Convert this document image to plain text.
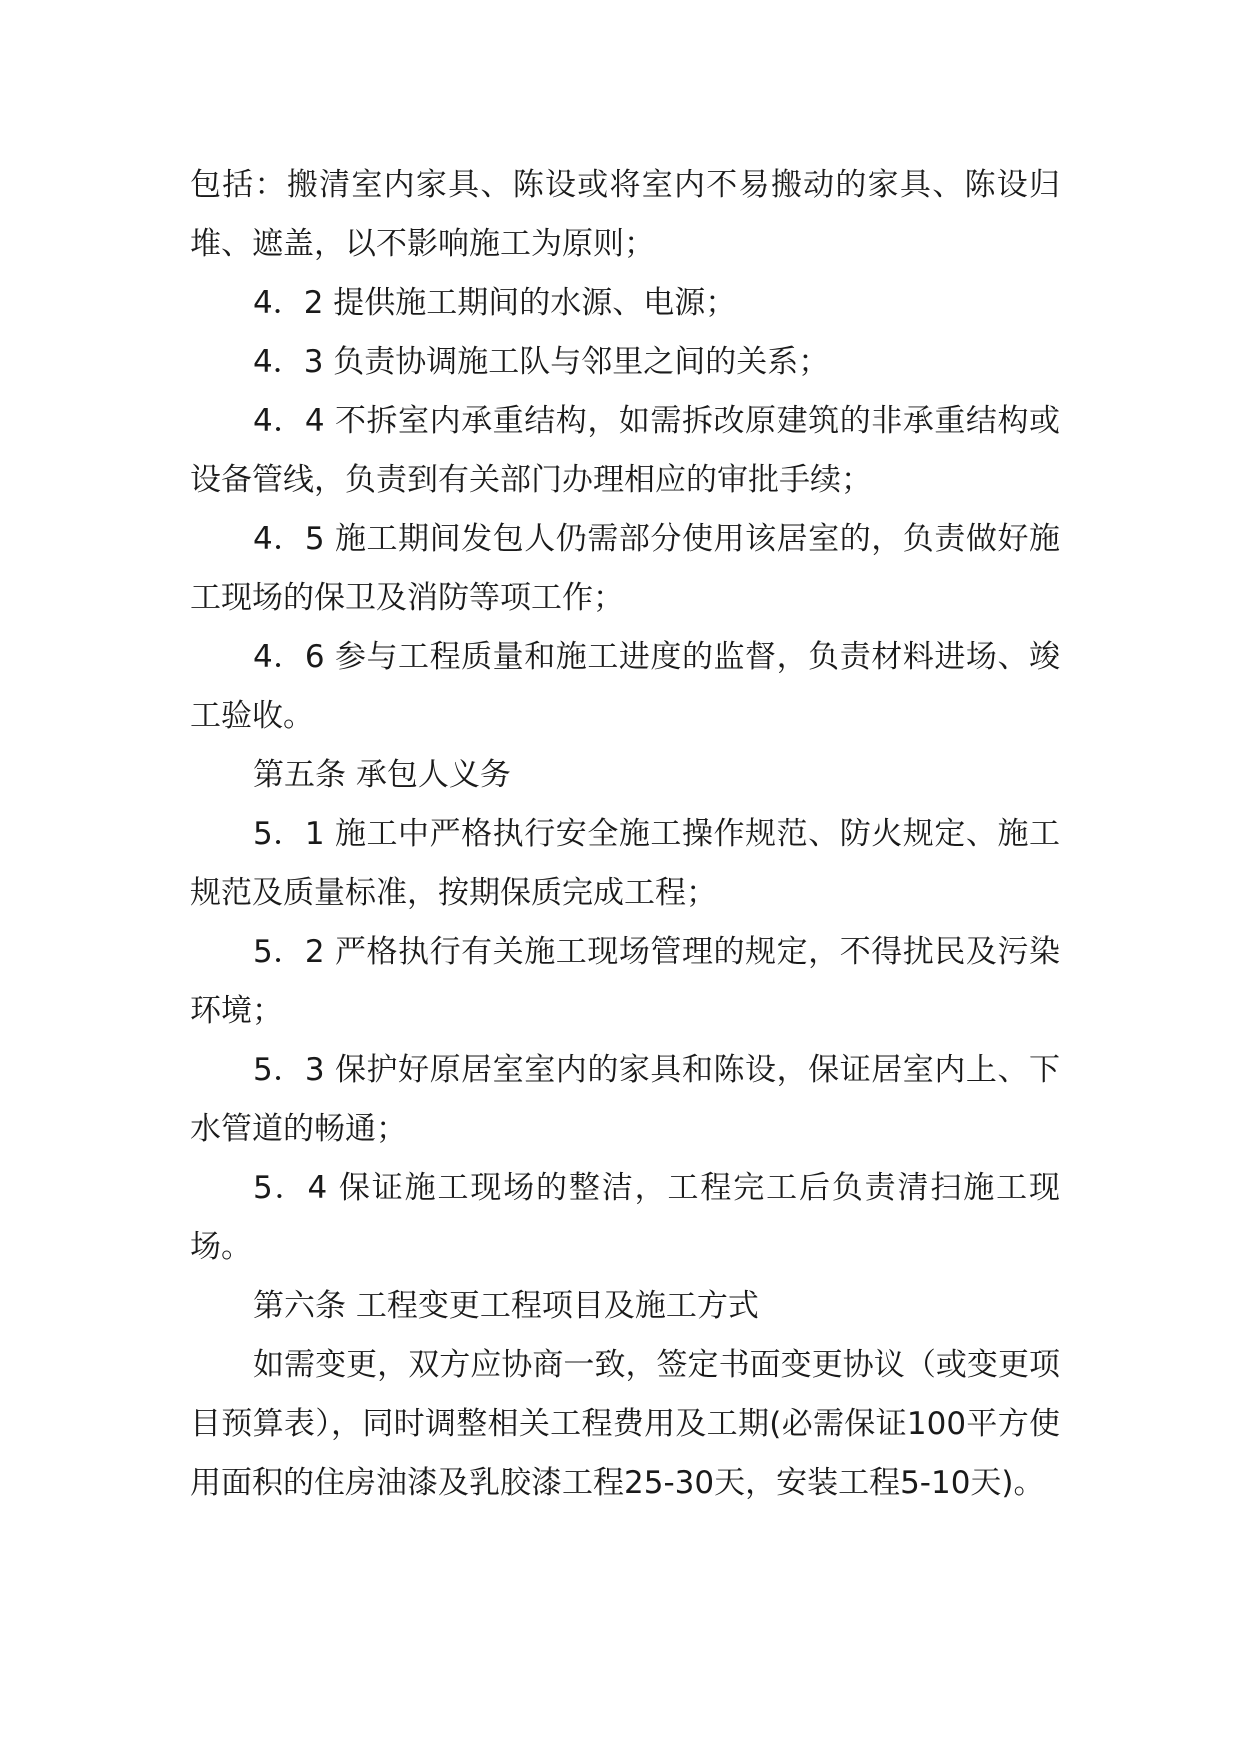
包括：搬清室内家具、陈设或将室内不易搬动的家具、陈设归堆、遮盖，以不影响施工为原则；

4．2 提供施工期间的水源、电源；

4．3 负责协调施工队与邻里之间的关系；

4．4 不拆室内承重结构，如需拆改原建筑的非承重结构或设备管线，负责到有关部门办理相应的审批手续；

4．5 施工期间发包人仍需部分使用该居室的，负责做好施工现场的保卫及消防等项工作；

4．6 参与工程质量和施工进度的监督，负责材料进场、竣工验收。

第五条 承包人义务

5．1 施工中严格执行安全施工操作规范、防火规定、施工规范及质量标准，按期保质完成工程；

5．2 严格执行有关施工现场管理的规定，不得扰民及污染环境；

5．3 保护好原居室室内的家具和陈设，保证居室内上、下水管道的畅通；

5．4 保证施工现场的整洁，工程完工后负责清扫施工现场。

第六条 工程变更工程项目及施工方式

如需变更，双方应协商一致，签定书面变更协议（或变更项目预算表），同时调整相关工程费用及工期(必需保证100平方使用面积的住房油漆及乳胶漆工程25-30天，安装工程5-10天)。
